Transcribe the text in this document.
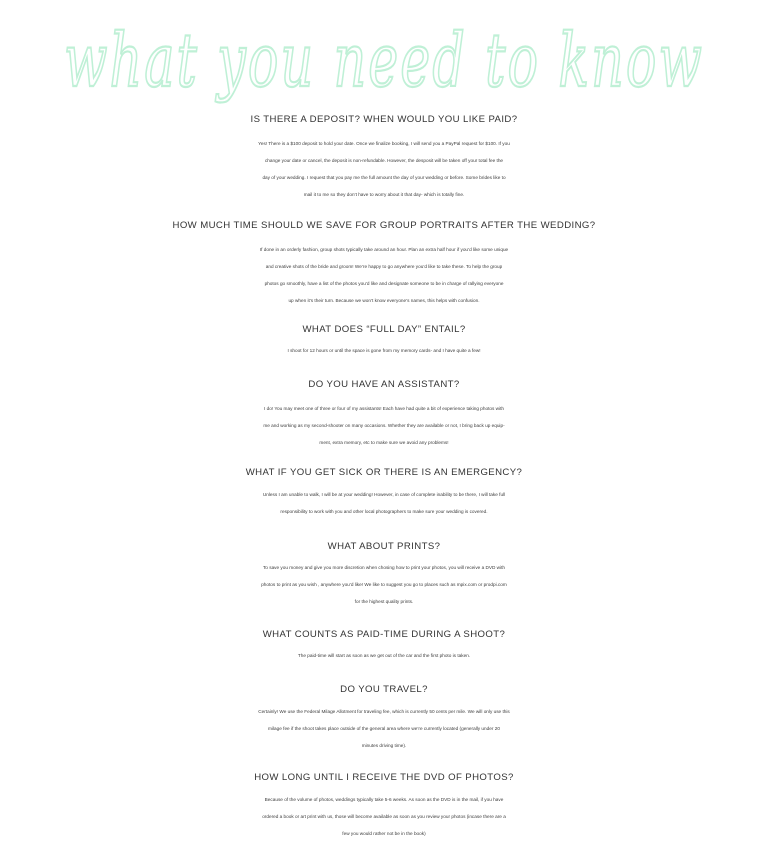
what you need to know
IS THERE A DEPOSIT? WHEN WOULD YOU LIKE PAID?
Yes! There is a $100 deposit to hold your date. Once we finalize booking, I will send you a PayPal request for $100. If you
change your date or cancel, the deposit is non-refundable. However, the desposit will be taken off your total fee the
day of your wedding. I request that you pay me the full amount the day of your wedding or before. Some brides like to
mail it to me so they don’t have to worry about it that day- which is totally fine.
HOW MUCH TIME SHOULD WE SAVE FOR GROUP PORTRAITS AFTER THE WEDDING?
If done in an orderly fashion, group shots typically take around an hour. Plan an extra half hour if you’d like some unique
and creative shots of the bride and groom! We’re happy to go anywhere you’d like to take these. To help the group
photos go smoothly, have a list of the photos you’d like and designate someone to be in charge of rallying everyone
up when it’s their turn. Because we won’t know everyone’s names, this helps with confusion.
WHAT DOES “FULL DAY” ENTAIL?
I shoot for 12 hours or until the space is gone from my memory cards- and I have quite a few!
DO YOU HAVE AN ASSISTANT?
I do! You may meet one of three or four of my assistants! Each have had quite a bit of experience taking photos with
me and working as my second-shooter on many occasions. Whether they are available or not, I bring back up equip-
ment, extra memory, etc to make sure we avoid any problems!
WHAT IF YOU GET SICK OR THERE IS AN EMERGENCY?
Unless I am unable to walk, I will be at your wedding! However, in case of complete inability to be there, I will take full
responsibility to work with you and other local photographers to make sure your wedding is covered.
WHAT ABOUT PRINTS?
To save you money and give you more discretion when chosing how to print your photos, you will receive a DVD with
photos to print as you wish , anywhere you’d like! We like to suggest you go to places such as mpix.com or prodpi.com
for the highest quality prints.
WHAT COUNTS AS PAID-TIME DURING A SHOOT?
The paid-time will start as soon as we get out of the car and the first photo is taken.
DO YOU TRAVEL?
Certainly! We use the Federal Milage Allotment for traveling fee, which is currently 50 cents per mile. We will only use this
milage fee if the shoot takes place outside of the general area where we’re currently located (generally under 20
minutes driving time).
HOW LONG UNTIL I RECEIVE THE DVD OF PHOTOS?
Because of the volume of photos, weddings typically take 5-6 weeks. As soon as the DVD is in the mail, if you have
ordered a book or art print with us, those will become available as soon as you review your photos (incase there are a
few you would rather not be in the book)
